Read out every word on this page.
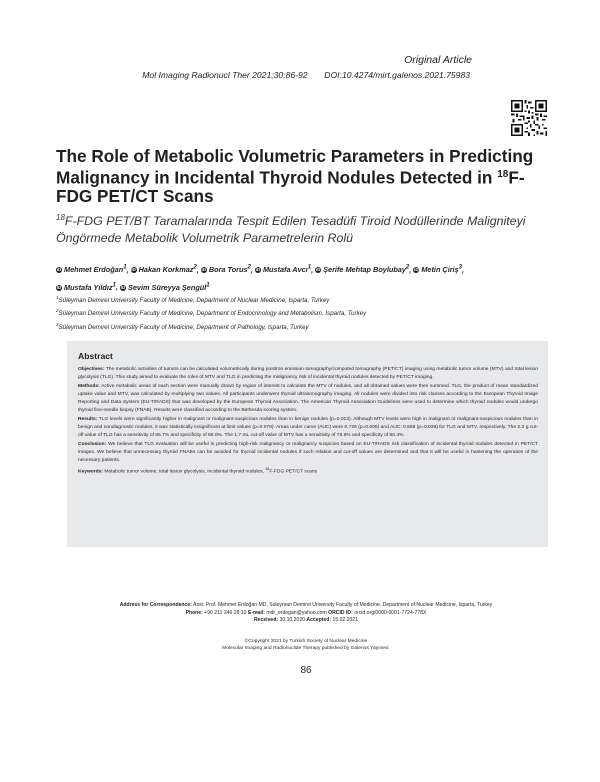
Original Article
Mol Imaging Radionucl Ther 2021;30:86-92 DOI:10.4274/mirt.galenos.2021.75983
The Role of Metabolic Volumetric Parameters in Predicting Malignancy in Incidental Thyroid Nodules Detected in $^{18}$F-FDG PET/CT Scans

$^{18}$F-FDG PET/BT Taramalarında Tespit Edilen Tesadüfi Tiroid Nodüllerinde Maligniteyi Öngörmede Metabolik Volumetrik Parametrelerin Rolü

iD Mehmet Erdoğan$^1$, iD Hakan Korkmaz$^2$, iD Bora Torus$^2$, iD Mustafa Avcı$^1$, iD Şerife Mehtap Boylubay$^2$, iD Metin Çiriş$^3$,
iD Mustafa Yıldız$^1$, iD Sevim Süreyya Şengül$^1$
$^1$Süleyman Demirel University Faculty of Medicine, Department of Nuclear Medicine, Isparta, Turkey
$^2$Süleyman Demirel University Faculty of Medicine, Department of Endocrinology and Metabolism, Isparta, Turkey
$^3$Süleyman Demirel University Faculty of Medicine, Department of Pathology, Isparta, Turkey
Abstract

Objectives: The metabolic activities of tumors can be calculated volumetrically during positron emission tomography/computed tomography (PET/CT) imaging using metabolic tumor volume (MTV) and total lesion glycolysis (TLG). This study aimed to evaluate the roles of MTV and TLG in predicting the malignancy risk of incidental thyroid nodules detected by PET/CT imaging.

Methods: Active metabolic areas of each section were manually drawn by region of interest to calculate the MTV of nodules, and all obtained values were then summed. TLG, the product of mean standardized uptake value and MTV, was calculated by multiplying two values. All participants underwent thyroid ultrasonography imaging. All nodules were divided into risk classes according to the European Thyroid Image Reporting and Data System (EU-TIRADS) that was developed by the European Thyroid Association. The American Thyroid Association Guidelines were used to determine which thyroid nodules would undergo thyroid fine-needle biopsy (FNAB). Results were classified according to the Bethesda scoring system.

Results: TLG levels were significantly higher in malignant or malignant-suspicious nodules than in benign nodules (p=0.013). Although MTV levels were high in malignant or malignant-suspicious nodules than in benign and nondiagnostic nodules, it was statistically insignificant at limit values (p=0.079). Areas under curve (AUC) were 0.726 (p=0.005) and AUC: 0.668 (p=0.039) for TLG and MTV, respectively. The 2.3 g cut-off value of TLG has a sensitivity of 85.7% and specificity of 59.0%. The 1.7 mL cut-off value of MTV has a sensitivity of 78.6% and specificity of 60.4%.

Conclusion: We believe that TLG evaluation will be useful in predicting high-risk malignancy or malignancy suspicion based on EU-TIRADS risk classification of incidental thyroid nodules detected in PET/CT images. We believe that unnecessary thyroid FNABs can be avoided for thyroid incidental nodules if such relation and cut-off values are determined and that it will be useful in hastening the operation of the necessary patients.

Keywords: Metabolic tumor volume, total lesion glycolysis, incidental thyroid nodules, $^{18}$F-FDG PET/CT scans

Address for Correspondence: Asst. Prof. Mehmet Erdoğan MD, Süleyman Demirel University Faculty of Medicine, Department of Nuclear Medicine, Isparta, Turkey
Phone: +90 211 246 28 10 E-mail: mdr_erdogan@yahoo.com ORCID ID: orcid.org/0000-0001-7724-778X
Received: 30.10.2020 Accepted: 15.02.2021
©Copyright 2021 by Turkish Society of Nuclear Medicine
Molecular Imaging and Radionuclide Therapy published by Galenos Yayınevi.
86
